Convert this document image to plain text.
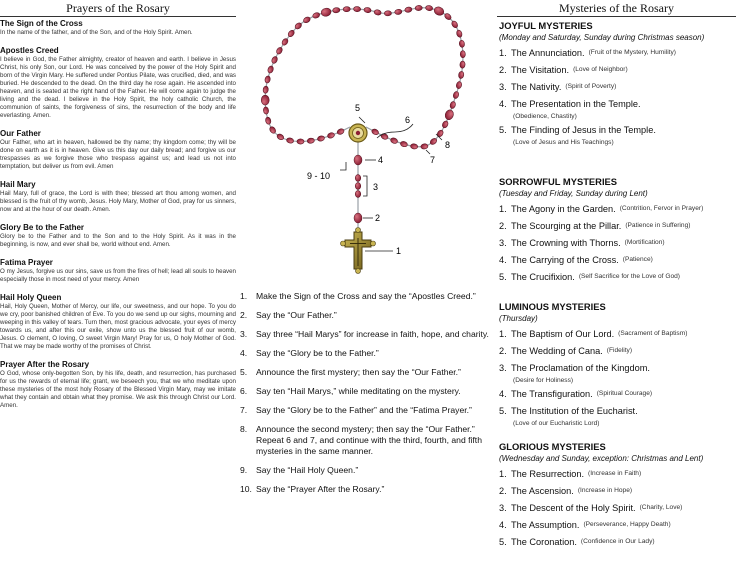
Prayers of the Rosary
The Sign of the Cross
In the name of the father, and of the Son, and of the Holy Spirit. Amen.
Apostles Creed
I believe in God, the Father almighty, creator of heaven and earth. I believe in Jesus Christ, his only Son, our Lord. He was conceived by the power of the Holy Spirit and born of the Virgin Mary. He suffered under Pontius Pilate, was crucified, died, and was buried. He descended to the dead. On the third day he rose again. He ascended into heaven, and is seated at the right hand of the Father. He will come again to judge the living and the dead. I believe in the Holy Spirit, the holy catholic Church, the communion of saints, the forgiveness of sins, the resurrection of the body and life everlasting. Amen.
Our Father
Our Father, who art in heaven, hallowed be thy name; thy kingdom come; thy will be done on earth as it is in heaven. Give us this day our daily bread; and forgive us our trespasses as we forgive those who trespass against us; and lead us not into temptation, but deliver us from evil. Amen
Hail Mary
Hail Mary, full of grace, the Lord is with thee; blessed art thou among women, and blessed is the fruit of thy womb, Jesus. Holy Mary, Mother of God, pray for us sinners, now and at the hour of our death. Amen.
Glory Be to the Father
Glory be to the Father and to the Son and to the Holy Spirit. As it was in the beginning, is now, and ever shall be, world without end. Amen.
Fatima Prayer
O my Jesus, forgive us our sins, save us from the fires of hell; lead all souls to heaven especially those in most need of your mercy. Amen
Hail Holy Queen
Hail, Holy Queen, Mother of Mercy, our life, our sweetness, and our hope. To you do we cry, poor banished children of Eve. To you do we send up our sighs, mourning and weeping in this valley of tears. Turn then, most gracious advocate, your eyes of mercy towards us, and after this our exile, show unto us the blessed fruit of our womb, Jesus. O clement, O loving, O sweet Virgin Mary! Pray for us, O holy Mother of God. That we may be made worthy of the promises of Christ.
Prayer After the Rosary
O God, whose only-begotten Son, by his life, death, and resurrection, has purchased for us the rewards of eternal life; grant, we beseech you, that we who meditate upon these mysteries of the most holy Rosary of the Blessed Virgin Mary, may we imitate what they contain and obtain what they promise. We ask this through Christ our Lord. Amen.
1
2
3
4
5
6
7
8
9 - 10
1.	Make the Sign of the Cross and say the “Apostles Creed.”
2.	Say the “Our Father.”
3.	Say three “Hail Marys” for increase in faith, hope, and charity.
4.	Say the “Glory be to the Father.”
5.	Announce the first mystery; then say the “Our Father.”
6.	Say ten “Hail Marys,” while meditating on the mystery.
7.	Say the “Glory be to the Father” and the “Fatima Prayer.”
8.	Announce the second mystery; then say the “Our Father.” Repeat 6 and 7, and continue with the third, fourth, and fifth mysteries in the same manner.
9.	Say the “Hail Holy Queen.”
10. Say the “Prayer After the Rosary.”
Mysteries of the Rosary
JOYFUL MYSTERIES
(Monday and Saturday, Sunday during Christmas season)
1. The Annunciation. (Fruit of the Mystery, Humility)
2. The Visitation. (Love of Neighbor)
3. The Nativity. (Spirit of Poverty)
4. The Presentation in the Temple.
(Obedience, Chastity)
5. The Finding of Jesus in the Temple.
(Love of Jesus and His Teachings)
SORROWFUL MYSTERIES
(Tuesday and Friday, Sunday during Lent)
1. The Agony in the Garden. (Contrition, Fervor in Prayer)
2. The Scourging at the Pillar. (Patience in Suffering)
3. The Crowning with Thorns. (Mortification)
4. The Carrying of the Cross. (Patience)
5. The Crucifixion. (Self Sacrifice for the Love of God)
LUMINOUS MYSTERIES
(Thursday)
1. The Baptism of Our Lord. (Sacrament of Baptism)
2. The Wedding of Cana. (Fidelity)
3. The Proclamation of the Kingdom.
(Desire for Holiness)
4. The Transfiguration. (Spiritual Courage)
5. The Institution of the Eucharist.
(Love of our Eucharistic Lord)
GLORIOUS MYSTERIES
(Wednesday and Sunday, exception: Christmas and Lent)
1. The Resurrection. (Increase in Faith)
2. The Ascension. (Increase in Hope)
3. The Descent of the Holy Spirit. (Charity, Love)
4. The Assumption. (Perseverance, Happy Death)
5. The Coronation. (Confidence in Our Lady)
